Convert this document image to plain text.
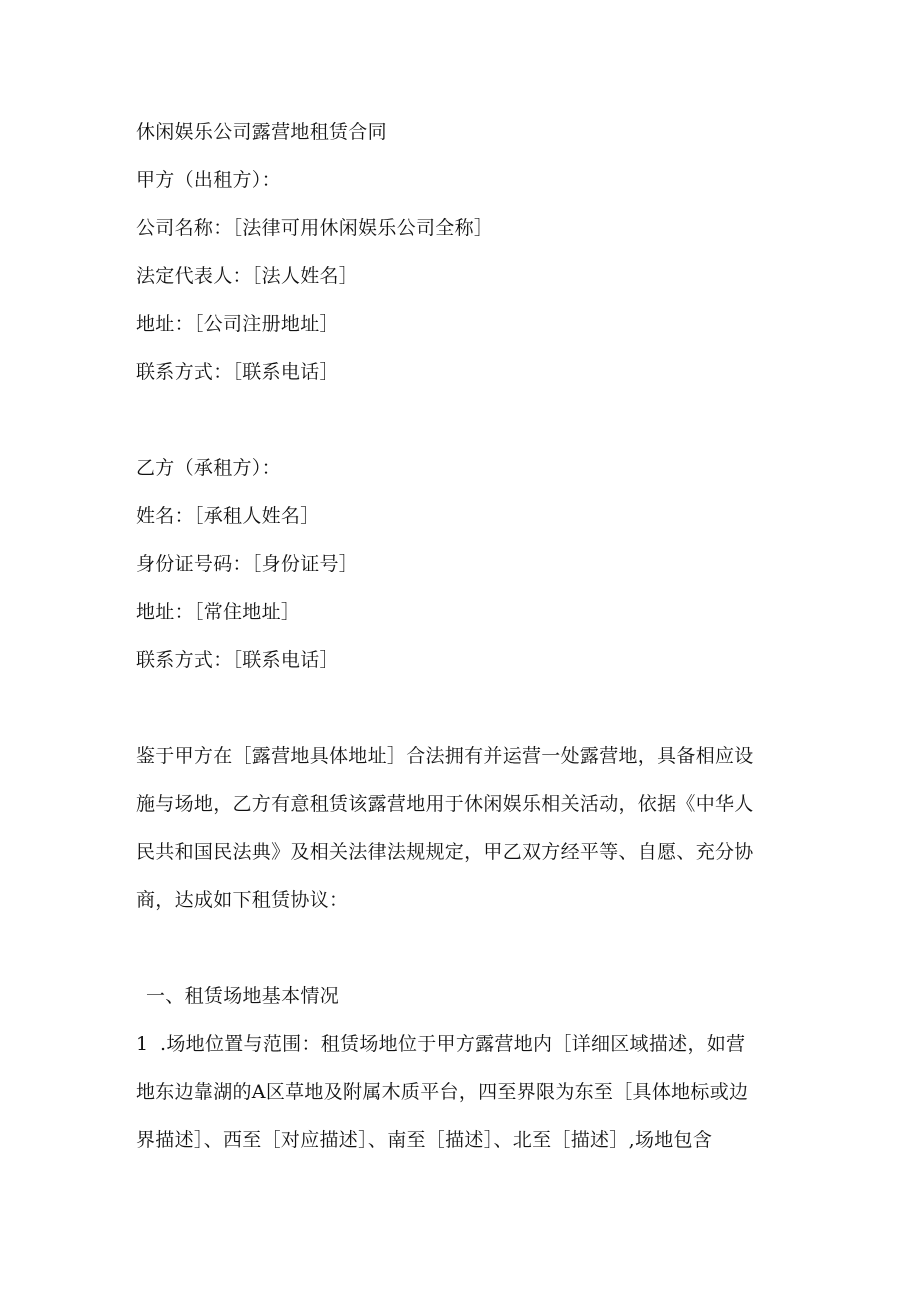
休闲娱乐公司露营地租赁合同
甲方（出租方）：
公司名称：［法律可用休闲娱乐公司全称］
法定代表人：［法人姓名］
地址：［公司注册地址］
联系方式：［联系电话］
乙方（承租方）：
姓名：［承租人姓名］
身份证号码：［身份证号］
地址：［常住地址］
联系方式：［联系电话］
鉴于甲方在［露营地具体地址］合法拥有并运营一处露营地，具备相应设
施与场地，乙方有意租赁该露营地用于休闲娱乐相关活动，依据《中华人
民共和国民法典》及相关法律法规规定，甲乙双方经平等、自愿、充分协
商，达成如下租赁协议：
一、租赁场地基本情况
1 .场地位置与范围：租赁场地位于甲方露营地内［详细区域描述，如营
地东边靠湖的A区草地及附属木质平台，四至界限为东至［具体地标或边
界描述］、西至［对应描述］、南至［描述］、北至［描述］,场地包含
